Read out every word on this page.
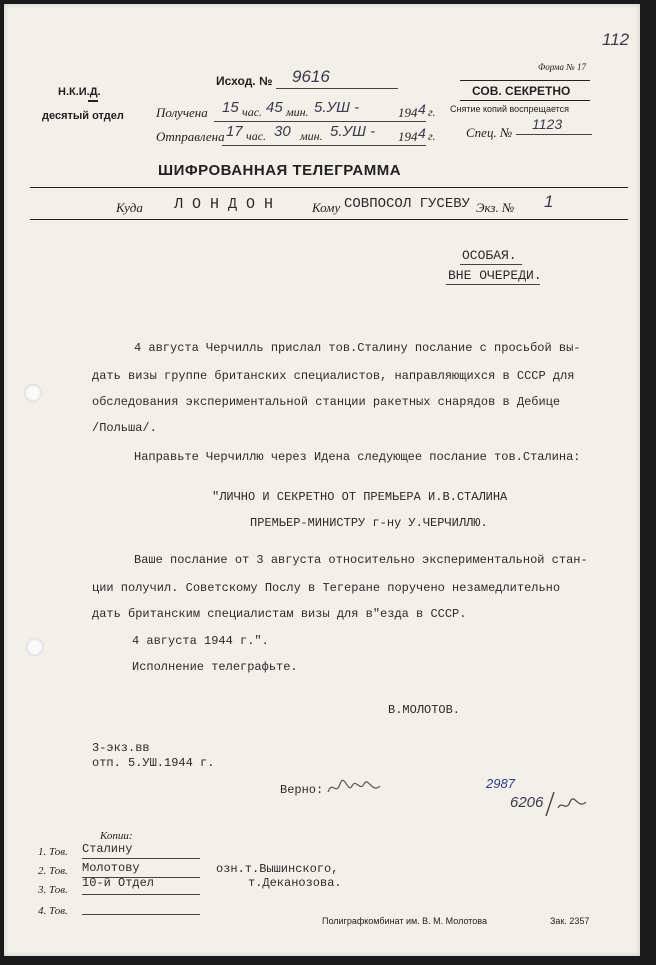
112
Н.К.И.Д.
десятый отдел
Форма № 17
Исход. № 9616
Получена 15 час. 45 мин. 5.УШ -	194 4 г.
Отправлена 17 час. 30 мин. 5.УШ - 194 4 г.
СОВ. СЕКРЕТНО
Снятие копий воспрещается
Спец. №
1123
ШИФРОВАННАЯ ТЕЛЕГРАММА
Куда Л О Н Д О Н	Кому СОВПОСОЛ ГУСЕВУ Экз. № 1
ОСОБАЯ.
ВНЕ ОЧЕРЕДИ.
4 августа Черчилль прислал тов.Сталину послание с просьбой вы-
дать визы группе британских специалистов, направляющихся в СССР для
обследования экспериментальной станции ракетных снарядов в Дебице
/Польша/.
Направьте Черчиллю через Идена следующее послание тов.Сталина:
"ЛИЧНО И СЕКРЕТНО ОТ ПРЕМЬЕРА И.В.СТАЛИНА
ПРЕМЬЕР-МИНИСТРУ г-ну У.ЧЕРЧИЛЛЮ.
Ваше послание от 3 августа относительно экспериментальной стан-
ции получил. Советскому Послу в Тегеране поручено незамедлительно
дать британским специалистам визы для в"езда в СССР.
4 августа 1944 г.".
Исполнение телеграфьте.
В.МОЛОТОВ.
3-экз.вв
отп. 5.УШ.1944 г.
Верно:	2987
6206
Копии:
1. Тов. Сталину
2. Тов. Молотову
3. Тов. 10-й Отдел
4. Тов.
озн.т.Вышинского,
т.Деканозова.
Полиграфкомбинат им. В. М. Молотова	Зак. 2357
